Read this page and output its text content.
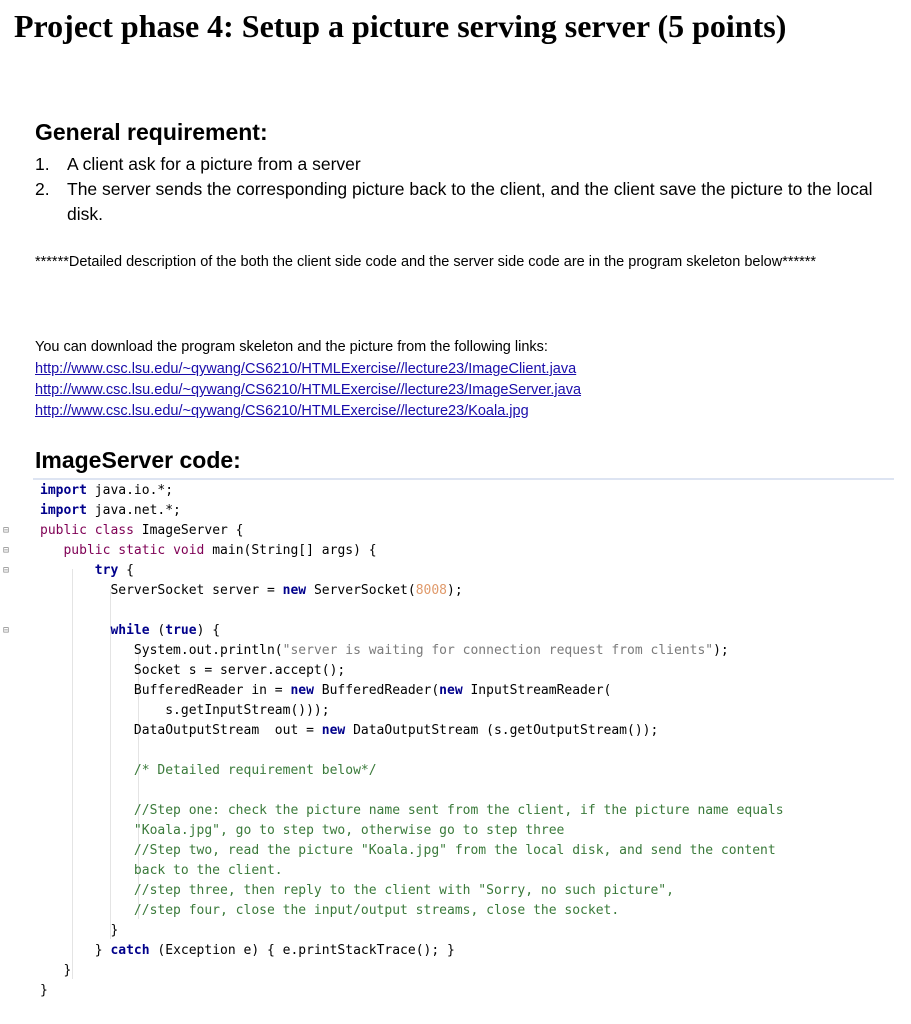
Project phase 4: Setup a picture serving server (5 points)
General requirement:
1. A client ask for a picture from a server
2. The server sends the corresponding picture back to the client, and the client save the picture to the local disk.
******Detailed description of the both the client side code and the server side code are in the program skeleton below******
You can download the program skeleton and the picture from the following links:
http://www.csc.lsu.edu/~qywang/CS6210/HTMLExercise//lecture23/ImageClient.java
http://www.csc.lsu.edu/~qywang/CS6210/HTMLExercise//lecture23/ImageServer.java
http://www.csc.lsu.edu/~qywang/CS6210/HTMLExercise//lecture23/Koala.jpg
ImageServer code:
⊟
⊟
⊟
⊟
import java.io.*;
import java.net.*;
public class ImageServer {
public static void main(String[] args) {
try {
ServerSocket server = new ServerSocket(8008);

while (true) {
System.out.println("server is waiting for connection request from clients");
Socket s = server.accept();
BufferedReader in = new BufferedReader(new InputStreamReader(
s.getInputStream()));
DataOutputStream  out = new DataOutputStream (s.getOutputStream());

/* Detailed requirement below*/

//Step one: check the picture name sent from the client, if the picture name equals
"Koala.jpg", go to step two, otherwise go to step three
//Step two, read the picture "Koala.jpg" from the local disk, and send the content
back to the client.
//step three, then reply to the client with "Sorry, no such picture",
//step four, close the input/output streams, close the socket.
}
} catch (Exception e) { e.printStackTrace(); }
}
}
